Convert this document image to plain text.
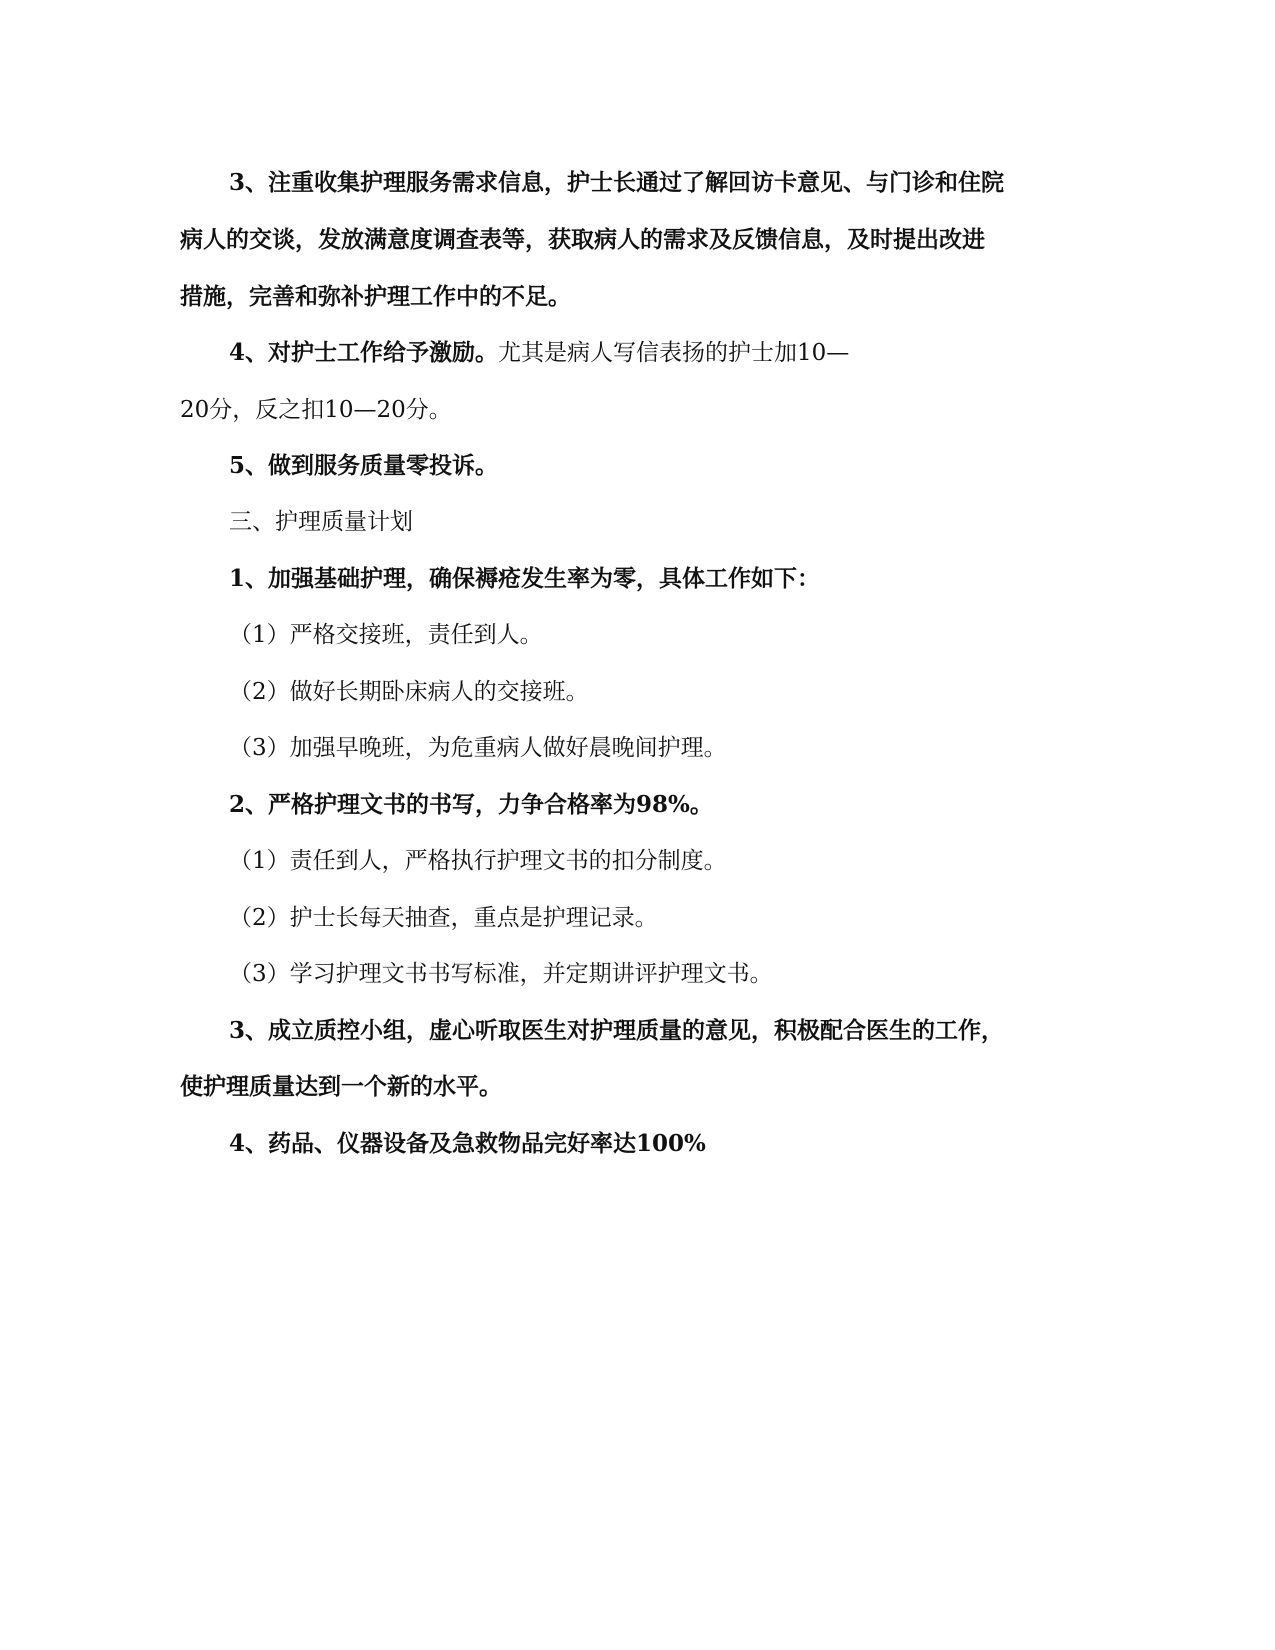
3、注重收集护理服务需求信息，护士长通过了解回访卡意见、与门诊和住院

病人的交谈，发放满意度调查表等，获取病人的需求及反馈信息，及时提出改进

措施，完善和弥补护理工作中的不足。

4、对护士工作给予激励。尤其是病人写信表扬的护士加10—

20分，反之扣10—20分。

5、做到服务质量零投诉。

三、护理质量计划

1、加强基础护理，确保褥疮发生率为零，具体工作如下：

（1）严格交接班，责任到人。

（2）做好长期卧床病人的交接班。

（3）加强早晚班，为危重病人做好晨晚间护理。

2、严格护理文书的书写，力争合格率为98%。

（1）责任到人，严格执行护理文书的扣分制度。

（2）护士长每天抽查，重点是护理记录。

（3）学习护理文书书写标准，并定期讲评护理文书。

3、成立质控小组，虚心听取医生对护理质量的意见，积极配合医生的工作，

使护理质量达到一个新的水平。

4、药品、仪器设备及急救物品完好率达100%
